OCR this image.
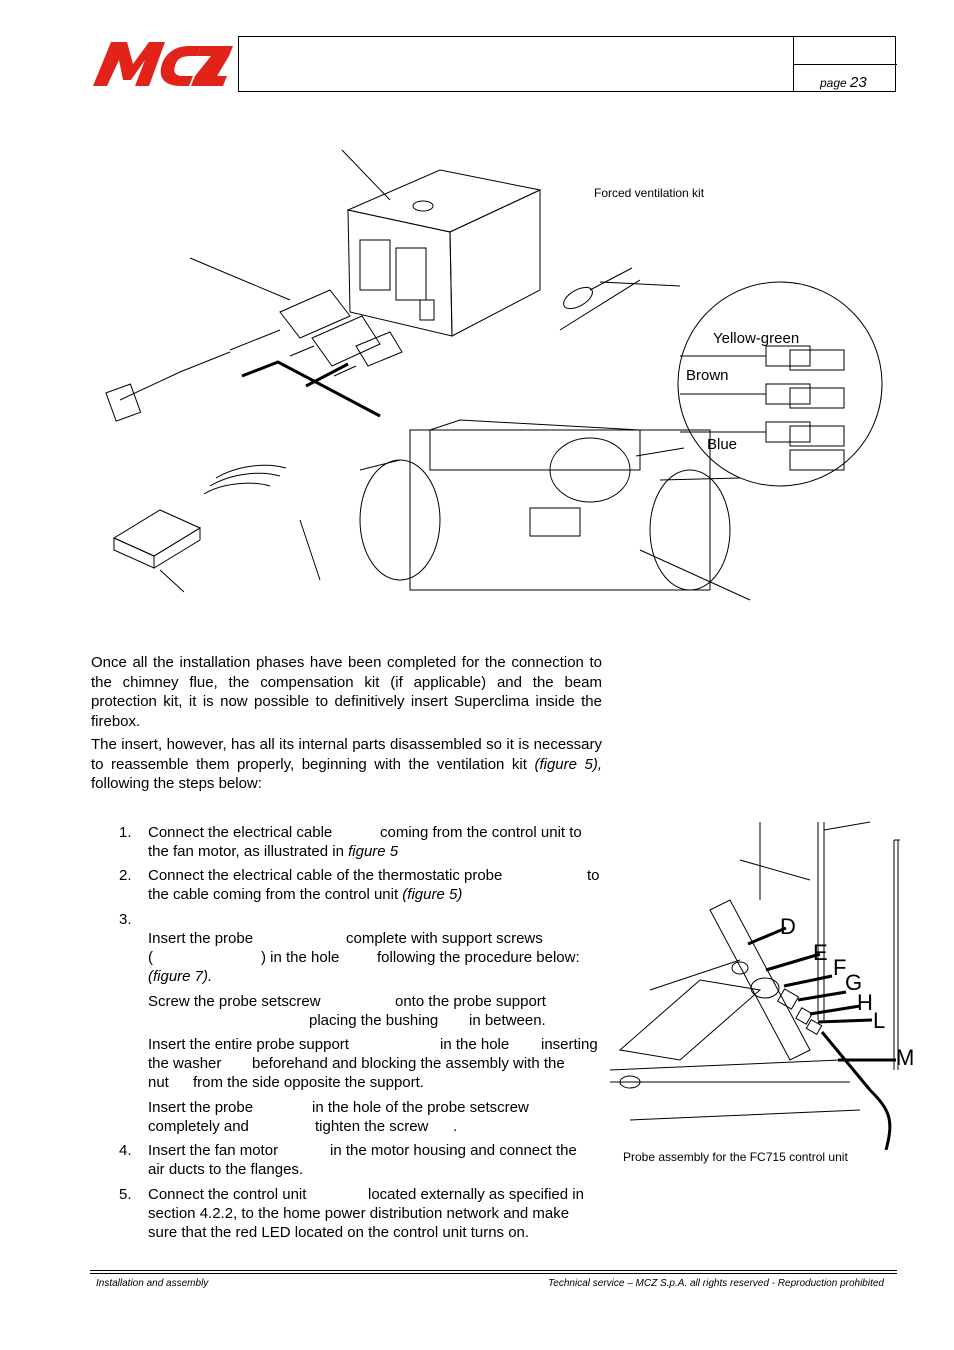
page 23
Forced ventilation kit
Yellow-green
Brown
Blue

Once all the installation phases have been completed for the connection to the chimney flue, the compensation kit (if applicable) and the beam protection kit, it is now possible to definitively insert Superclima inside the firebox.

The insert, however, has all its internal parts disassembled so it is necessary to reassemble them properly, beginning with the ventilation kit (figure 5), following the steps below:

1. Connect the electrical cable	coming from the control unit to
the fan motor, as illustrated in figure 5
2. Connect the electrical cable of the thermostatic probe	to
the cable coming from the control unit (figure 5)
3.
Insert the probe	complete with support screws
(	) in the hole	following the procedure below:
(figure 7).
Screw the probe setscrew	onto the probe support
placing the bushing in between.
Insert the entire probe support	in the hole inserting
the washer beforehand and blocking the assembly with the
nut from the side opposite the support.
Insert the probe	in the hole of the probe setscrew
completely and	tighten the screw .
4. Insert the fan motor	in the motor housing and connect the
air ducts to the flanges.
5. Connect the control unit	located externally as specified in
section 4.2.2, to the home power distribution network and make
sure that the red LED located on the control unit turns on.
D
E
F
G
H
L
M
Probe assembly for the FC715 control unit
Installation and assembly	Technical service – MCZ S.p.A. all rights reserved - Reproduction prohibited
